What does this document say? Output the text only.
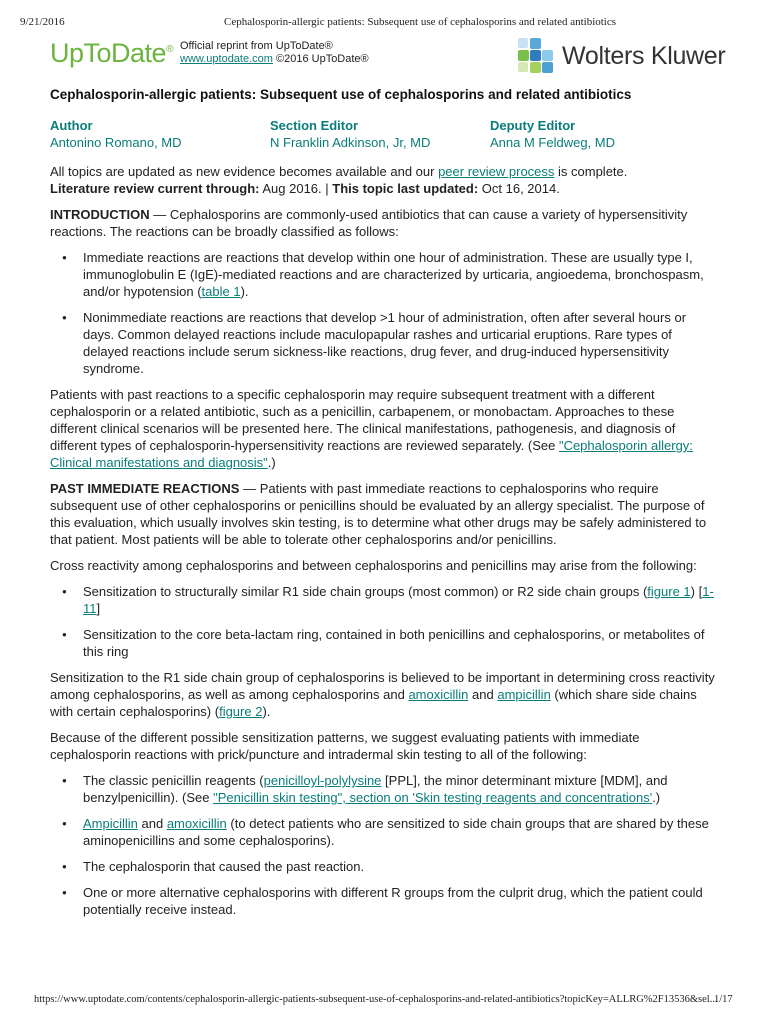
9/21/2016	Cephalosporin-allergic patients: Subsequent use of cephalosporins and related antibiotics
UpToDate® Official reprint from UpToDate®
www.uptodate.com ©2016 UpToDate®	Wolters Kluwer
Cephalosporin-allergic patients: Subsequent use of cephalosporins and related antibiotics
Author
Antonino Romano, MD
Section Editor
N Franklin Adkinson, Jr, MD
Deputy Editor
Anna M Feldweg, MD
All topics are updated as new evidence becomes available and our peer review process is complete.
Literature review current through: Aug 2016. | This topic last updated: Oct 16, 2014.

INTRODUCTION — Cephalosporins are commonly-used antibiotics that can cause a variety of hypersensitivity reactions. The reactions can be broadly classified as follows:

● Immediate reactions are reactions that develop within one hour of administration. These are usually type I, immunoglobulin E (IgE)-mediated reactions and are characterized by urticaria, angioedema, bronchospasm, and/or hypotension (table 1).
● Nonimmediate reactions are reactions that develop >1 hour of administration, often after several hours or days. Common delayed reactions include maculopapular rashes and urticarial eruptions. Rare types of delayed reactions include serum sickness-like reactions, drug fever, and drug-induced hypersensitivity syndrome.

Patients with past reactions to a specific cephalosporin may require subsequent treatment with a different cephalosporin or a related antibiotic, such as a penicillin, carbapenem, or monobactam. Approaches to these different clinical scenarios will be presented here. The clinical manifestations, pathogenesis, and diagnosis of different types of cephalosporin-hypersensitivity reactions are reviewed separately. (See "Cephalosporin allergy: Clinical manifestations and diagnosis".)

PAST IMMEDIATE REACTIONS — Patients with past immediate reactions to cephalosporins who require subsequent use of other cephalosporins or penicillins should be evaluated by an allergy specialist. The purpose of this evaluation, which usually involves skin testing, is to determine what other drugs may be safely administered to that patient. Most patients will be able to tolerate other cephalosporins and/or penicillins.

Cross reactivity among cephalosporins and between cephalosporins and penicillins may arise from the following:

● Sensitization to structurally similar R1 side chain groups (most common) or R2 side chain groups (figure 1) [1-11]
● Sensitization to the core beta-lactam ring, contained in both penicillins and cephalosporins, or metabolites of this ring

Sensitization to the R1 side chain group of cephalosporins is believed to be important in determining cross reactivity among cephalosporins, as well as among cephalosporins and amoxicillin and ampicillin (which share side chains with certain cephalosporins) (figure 2).

Because of the different possible sensitization patterns, we suggest evaluating patients with immediate cephalosporin reactions with prick/puncture and intradermal skin testing to all of the following:

● The classic penicillin reagents (penicilloyl-polylysine [PPL], the minor determinant mixture [MDM], and benzylpenicillin). (See "Penicillin skin testing", section on 'Skin testing reagents and concentrations'.)
● Ampicillin and amoxicillin (to detect patients who are sensitized to side chain groups that are shared by these aminopenicillins and some cephalosporins).
● The cephalosporin that caused the past reaction.
● One or more alternative cephalosporins with different R groups from the culprit drug, which the patient could potentially receive instead.
https://www.uptodate.com/contents/cephalosporin-allergic-patients-subsequent-use-of-cephalosporins-and-related-antibiotics?topicKey=ALLRG%2F13536&sel...
1/17
